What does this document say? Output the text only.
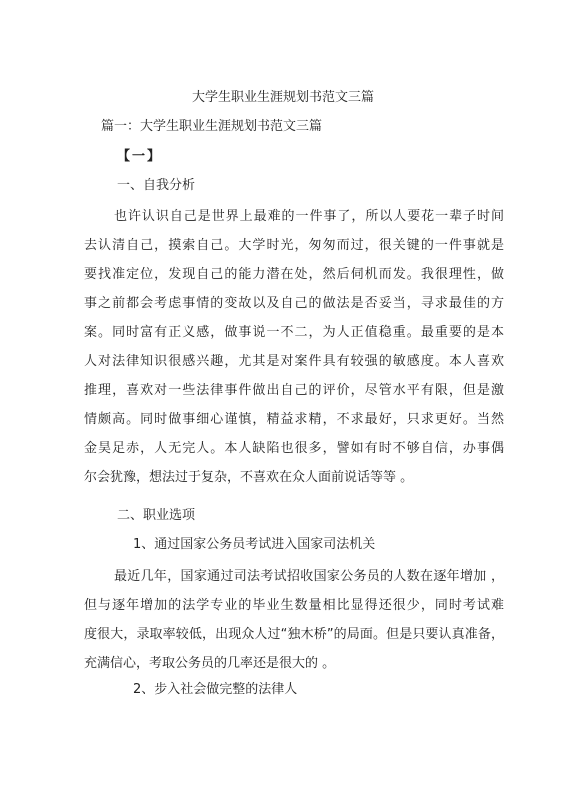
大学生职业生涯规划书范文三篇

篇一：大学生职业生涯规划书范文三篇

【一】

一、自我分析

也许认识自己是世界上最难的一件事了，所以人要花一辈子时间
去认清自己，摸索自己。大学时光，匆匆而过，很关键的一件事就是
要找准定位，发现自己的能力潜在处，然后伺机而发。我很理性，做
事之前都会考虑事情的变故以及自己的做法是否妥当，寻求最佳的方
案。同时富有正义感，做事说一不二，为人正值稳重。最重要的是本
人对法律知识很感兴趣，尤其是对案件具有较强的敏感度。本人喜欢
推理，喜欢对一些法律事件做出自己的评价，尽管水平有限，但是激
情颇高。同时做事细心谨慎，精益求精，不求最好，只求更好。当然
金昊足赤，人无完人。本人缺陷也很多，譬如有时不够自信，办事偶
尔会犹豫，想法过于复杂，不喜欢在众人面前说话等等 。

二、职业选项

1、通过国家公务员考试进入国家司法机关

最近几年，国家通过司法考试招收国家公务员的人数在逐年增加 ，
但与逐年增加的法学专业的毕业生数量相比显得还很少，同时考试难
度很大，录取率较低，出现众人过“独木桥”的局面。但是只要认真准备，
充满信心，考取公务员的几率还是很大的 。

2、步入社会做完整的法律人
